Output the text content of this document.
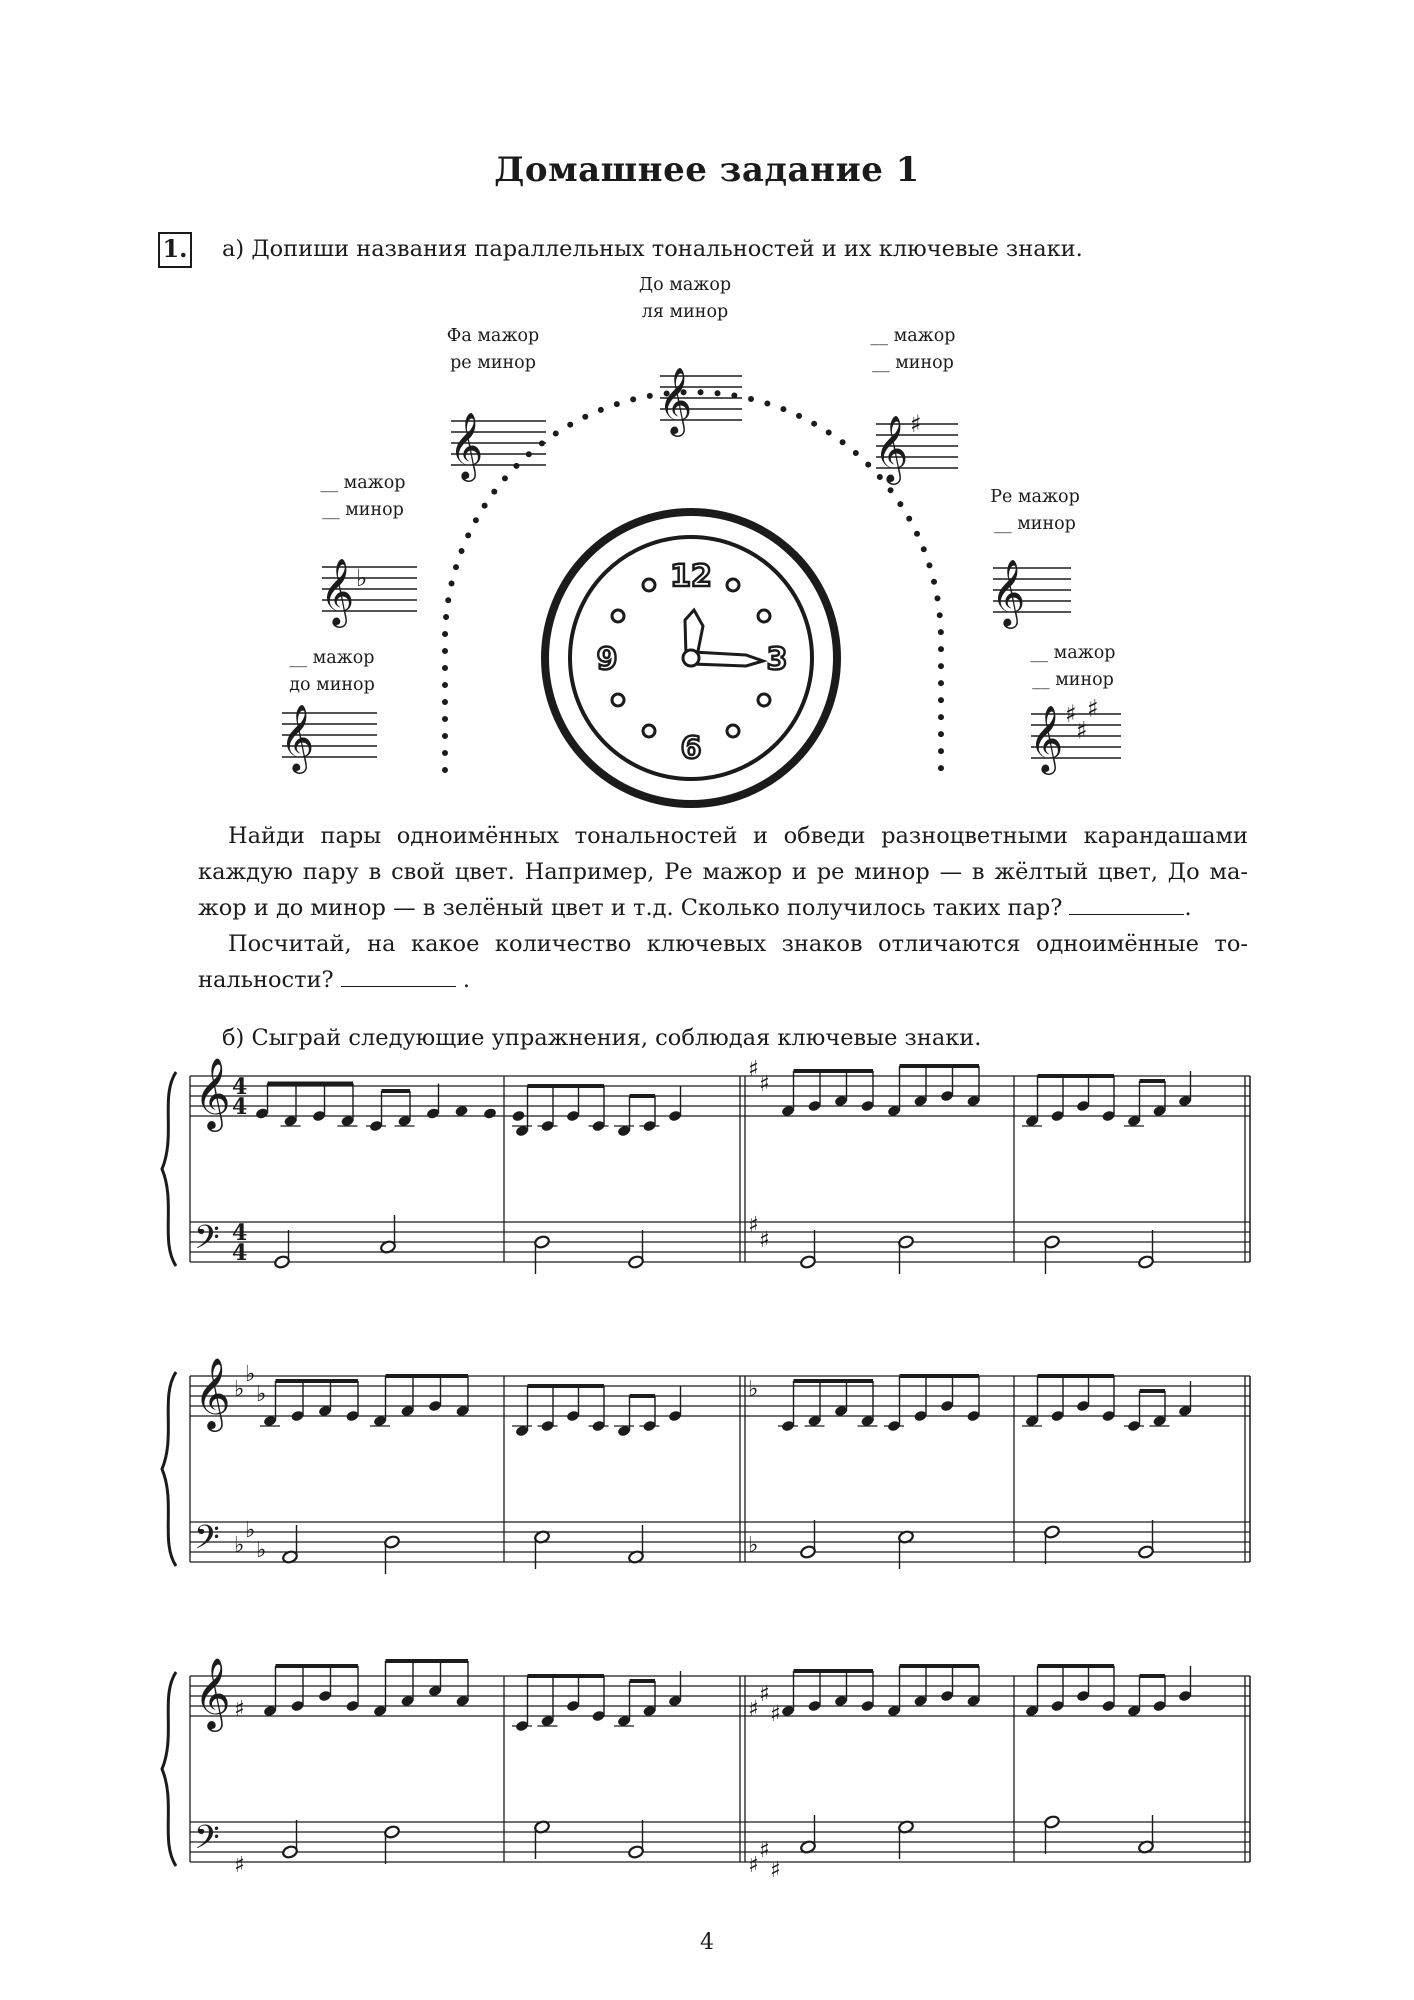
Домашнее задание 1
1. а) Допиши названия параллельных тональностей и их ключевые знаки.
До мажор
ля минор
Фа мажор
ре минор
__ мажор
__ минор
__ мажор
__ минор
Ре мажор
__ минор
__ мажор
до минор
__ мажор
__ минор
𝄞
𝄞	𝄞 ♯
𝄞 ♭	𝄞
𝄞	𝄞 ♯
♯
♯
12
3
6
9
Найди пары одноимённых тональностей и обведи разноцветными карандашами
каждую пару в свой цвет. Например, Ре мажор и ре минор — в жёлтый цвет, До ма-
жор и до минор — в зелёный цвет и т.д. Сколько получилось таких пар?	.
Посчитай, на какое количество ключевых знаков отличаются одноимённые то-
нальности?	.
б) Сыграй следующие упражнения, соблюдая ключевые знаки.
𝄞	♯
♯
4
4
𝄢	♯
♯
4
4
𝄞 ♭
♭
♭	♭
𝄢 ♭
♭
♭	♭
𝄞 ♯	♯
♯
♯
𝄢
♯	♯
♯
♯
4
